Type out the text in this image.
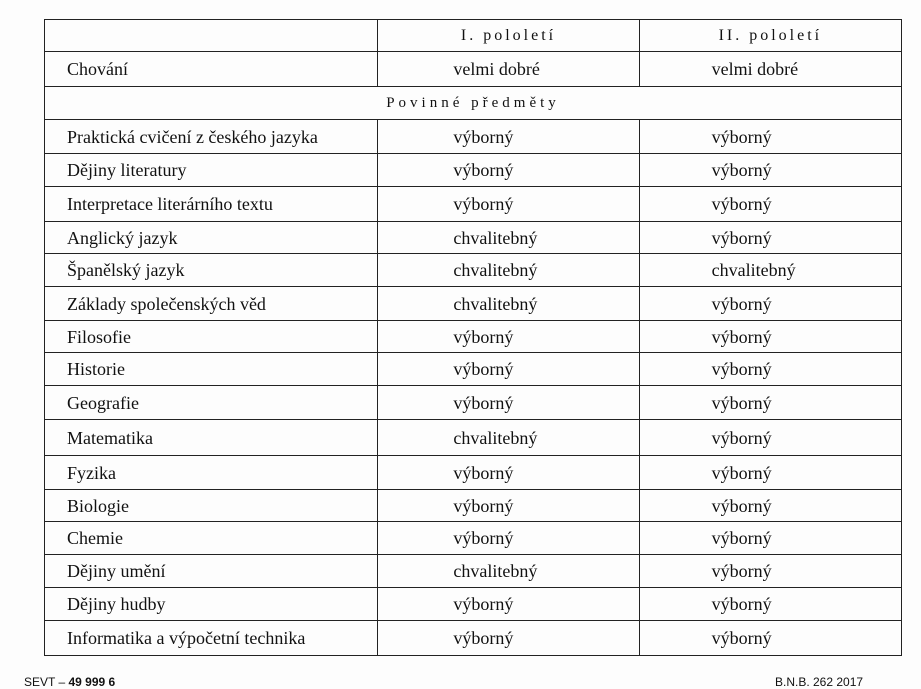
	I. pololetí	II. pololetí
Chování	velmi dobré	velmi dobré
Povinné předměty		
Praktická cvičení z českého jazyka	výborný	výborný
Dějiny literatury	výborný	výborný
Interpretace literárního textu	výborný	výborný
Anglický jazyk	chvalitebný	výborný
Španělský jazyk	chvalitebný	chvalitebný
Základy společenských věd	chvalitebný	výborný
Filosofie	výborný	výborný
Historie	výborný	výborný
Geografie	výborný	výborný
Matematika	chvalitebný	výborný
Fyzika	výborný	výborný
Biologie	výborný	výborný
Chemie	výborný	výborný
Dějiny umění	chvalitebný	výborný
Dějiny hudby	výborný	výborný
Informatika a výpočetní technika	výborný	výborný
SEVT – 49 999 6	B.N.B. 262 2017
